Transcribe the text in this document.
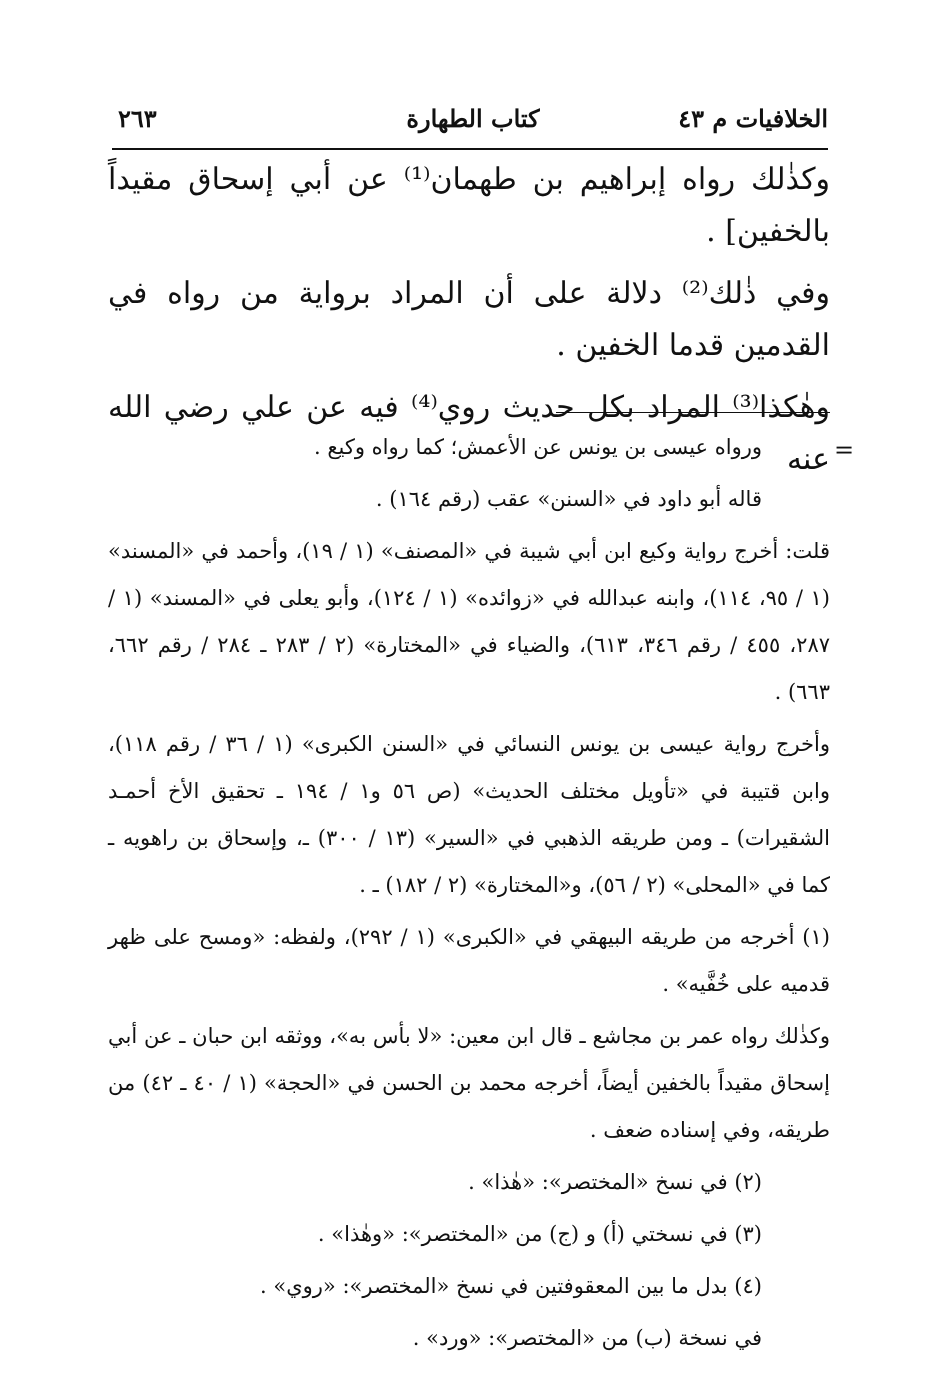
الخلافيات م ٤٣
كتاب الطهارة
٢٦٣

وكذٰلك رواه إبراهيم بن طهمان⁽¹⁾ عن أبي إسحاق مقيداً بالخفين] .

وفي ذٰلك⁽²⁾ دلالة على أن المراد برواية من رواه في القدمين قدما الخفين .

وهٰكذا⁽³⁾ المراد بكل حديث روي⁽⁴⁾ فيه عن علي رضي الله عنه =

ورواه عيسى بن يونس عن الأعمش؛ كما رواه وكيع .

قاله أبو داود في «السنن» عقب (رقم ١٦٤) .

قلت: أخرج رواية وكيع ابن أبي شيبة في «المصنف» (١ / ١٩)، وأحمد في «المسند» (١ / ٩٥، ١١٤)، وابنه عبدالله في «زوائده» (١ / ١٢٤)، وأبو يعلى في «المسند» (١ / ٢٨٧، ٤٥٥ / رقم ٣٤٦، ٦١٣)، والضياء في «المختارة» (٢ / ٢٨٣ ـ ٢٨٤ / رقم ٦٦٢، ٦٦٣) .

وأخرج رواية عيسى بن يونس النسائي في «السنن الكبرى» (١ / ٣٦ / رقم ١١٨)، وابن قتيبة في «تأويل مختلف الحديث» (ص ٥٦ و١ / ١٩٤ ـ تحقيق الأخ أحمـد الشقيرات) ـ ومن طريقه الذهبي في «السير» (١٣ / ٣٠٠) ـ، وإسحاق بن راهويه ـ كما في «المحلى» (٢ / ٥٦)، و«المختارة» (٢ / ١٨٢) ـ .

(١) أخرجه من طريقه البيهقي في «الكبرى» (١ / ٢٩٢)، ولفظه: «ومسح على ظهر قدميه على خُفَّيه» .

وكذٰلك رواه عمر بن مجاشع ـ قال ابن معين: «لا بأس به»، ووثقه ابن حبان ـ عن أبي إسحاق مقيداً بالخفين أيضاً، أخرجه محمد بن الحسن في «الحجة» (١ / ٤٠ ـ ٤٢) من طريقه، وفي إسناده ضعف .

(٢) في نسخ «المختصر»: «هٰذا» .

(٣) في نسختي (أ) و (ج) من «المختصر»: «وهٰذا» .

(٤) بدل ما بين المعقوفتين في نسخ «المختصر»: «روي» .

في نسخة (ب) من «المختصر»: «ورد» .
